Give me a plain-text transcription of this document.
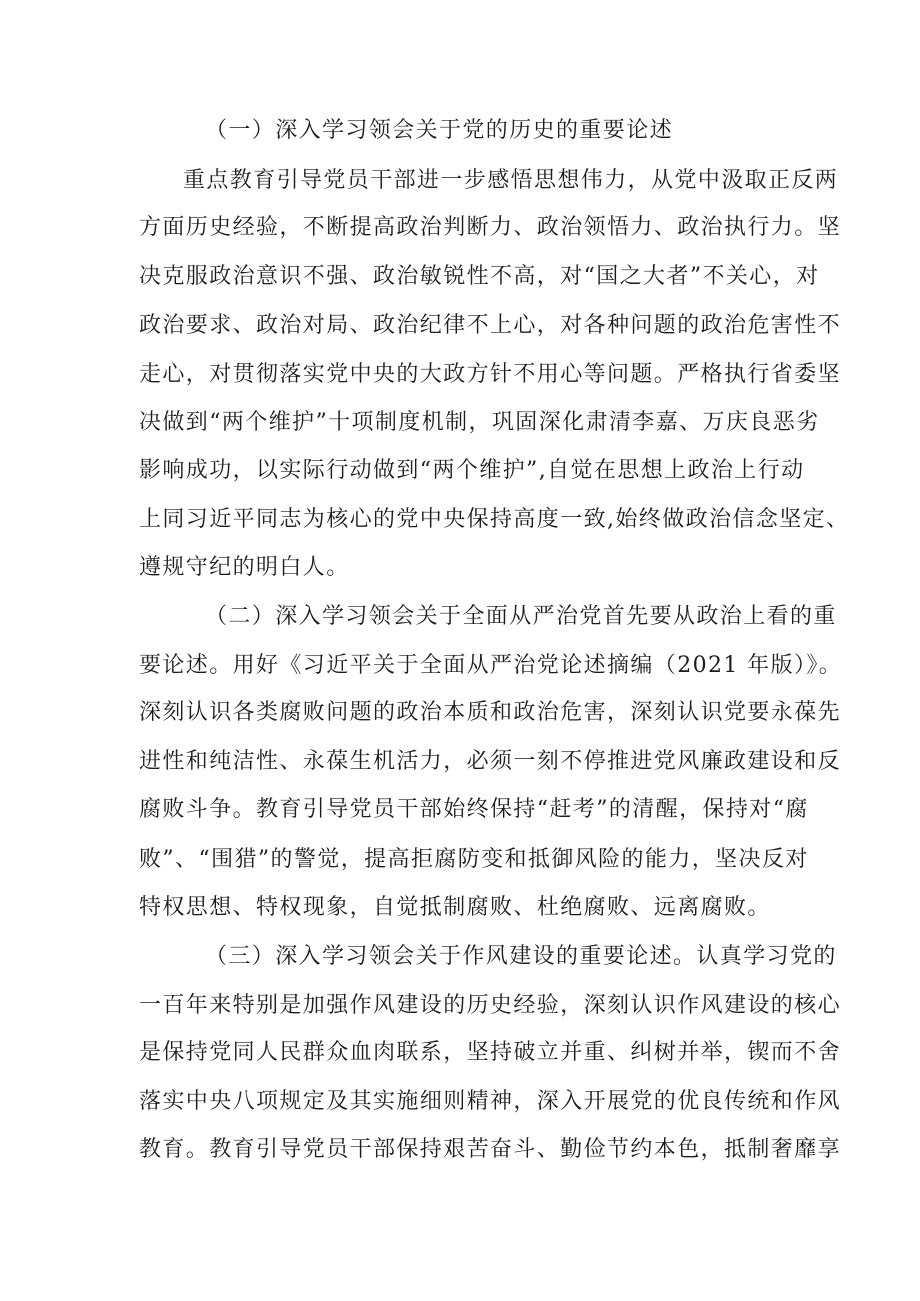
（一）深入学习领会关于党的历史的重要论述
重点教育引导党员干部进一步感悟思想伟力，从党中汲取正反两
方面历史经验，不断提高政治判断力、政治领悟力、政治执行力。坚
决克服政治意识不强、政治敏锐性不高，对“国之大者”不关心，对
政治要求、政治对局、政治纪律不上心，对各种问题的政治危害性不
走心，对贯彻落实党中央的大政方针不用心等问题。严格执行省委坚
决做到“两个维护”十项制度机制，巩固深化肃清李嘉、万庆良恶劣
影响成功，以实际行动做到“两个维护”,自觉在思想上政治上行动
上同习近平同志为核心的党中央保持高度一致,始终做政治信念坚定、
遵规守纪的明白人。
（二）深入学习领会关于全面从严治党首先要从政治上看的重
要论述。用好《习近平关于全面从严治党论述摘编（2021 年版）》。
深刻认识各类腐败问题的政治本质和政治危害，深刻认识党要永葆先
进性和纯洁性、永葆生机活力，必须一刻不停推进党风廉政建设和反
腐败斗争。教育引导党员干部始终保持“赶考”的清醒，保持对“腐
败”、“围猎”的警觉，提高拒腐防变和抵御风险的能力，坚决反对
特权思想、特权现象，自觉抵制腐败、杜绝腐败、远离腐败。
（三）深入学习领会关于作风建设的重要论述。认真学习党的
一百年来特别是加强作风建设的历史经验，深刻认识作风建设的核心
是保持党同人民群众血肉联系，坚持破立并重、纠树并举，锲而不舍
落实中央八项规定及其实施细则精神，深入开展党的优良传统和作风
教育。教育引导党员干部保持艰苦奋斗、勤俭节约本色，抵制奢靡享
